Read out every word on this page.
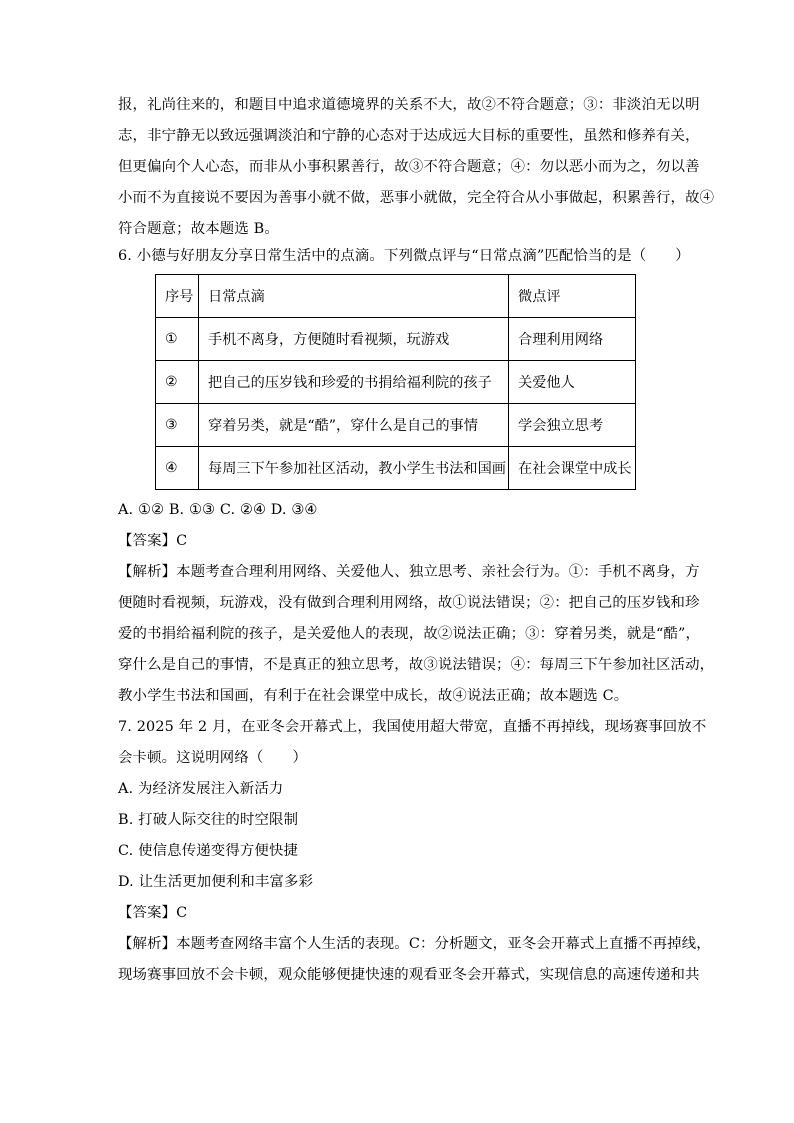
报，礼尚往来的，和题目中追求道德境界的关系不大，故②不符合题意；③：非淡泊无以明
志，非宁静无以致远强调淡泊和宁静的心态对于达成远大目标的重要性，虽然和修养有关，
但更偏向个人心态，而非从小事积累善行，故③不符合题意；④：勿以恶小而为之，勿以善
小而不为直接说不要因为善事小就不做，恶事小就做，完全符合从小事做起，积累善行，故④
符合题意；故本题选 B。
6. 小德与好朋友分享日常生活中的点滴。下列微点评与“日常点滴”匹配恰当的是（　　）
序号	日常点滴	微点评
①	手机不离身，方便随时看视频，玩游戏	合理利用网络
②	把自己的压岁钱和珍爱的书捐给福利院的孩子	关爱他人
③	穿着另类，就是“酷”，穿什么是自己的事情	学会独立思考
④	每周三下午参加社区活动，教小学生书法和国画	在社会课堂中成长
A. ①② B. ①③ C. ②④ D. ③④
【答案】C
【解析】本题考查合理利用网络、关爱他人、独立思考、亲社会行为。①：手机不离身，方
便随时看视频，玩游戏，没有做到合理利用网络，故①说法错误；②：把自己的压岁钱和珍
爱的书捐给福利院的孩子，是关爱他人的表现，故②说法正确；③：穿着另类，就是“酷”，
穿什么是自己的事情，不是真正的独立思考，故③说法错误；④：每周三下午参加社区活动，
教小学生书法和国画，有利于在社会课堂中成长，故④说法正确；故本题选 C。
7. 2025 年 2 月，在亚冬会开幕式上，我国使用超大带宽，直播不再掉线，现场赛事回放不
会卡顿。这说明网络（　　）
A. 为经济发展注入新活力
B. 打破人际交往的时空限制
C. 使信息传递变得方便快捷
D. 让生活更加便利和丰富多彩
【答案】C
【解析】本题考查网络丰富个人生活的表现。C：分析题文，亚冬会开幕式上直播不再掉线，
现场赛事回放不会卡顿，观众能够便捷快速的观看亚冬会开幕式，实现信息的高速传递和共
